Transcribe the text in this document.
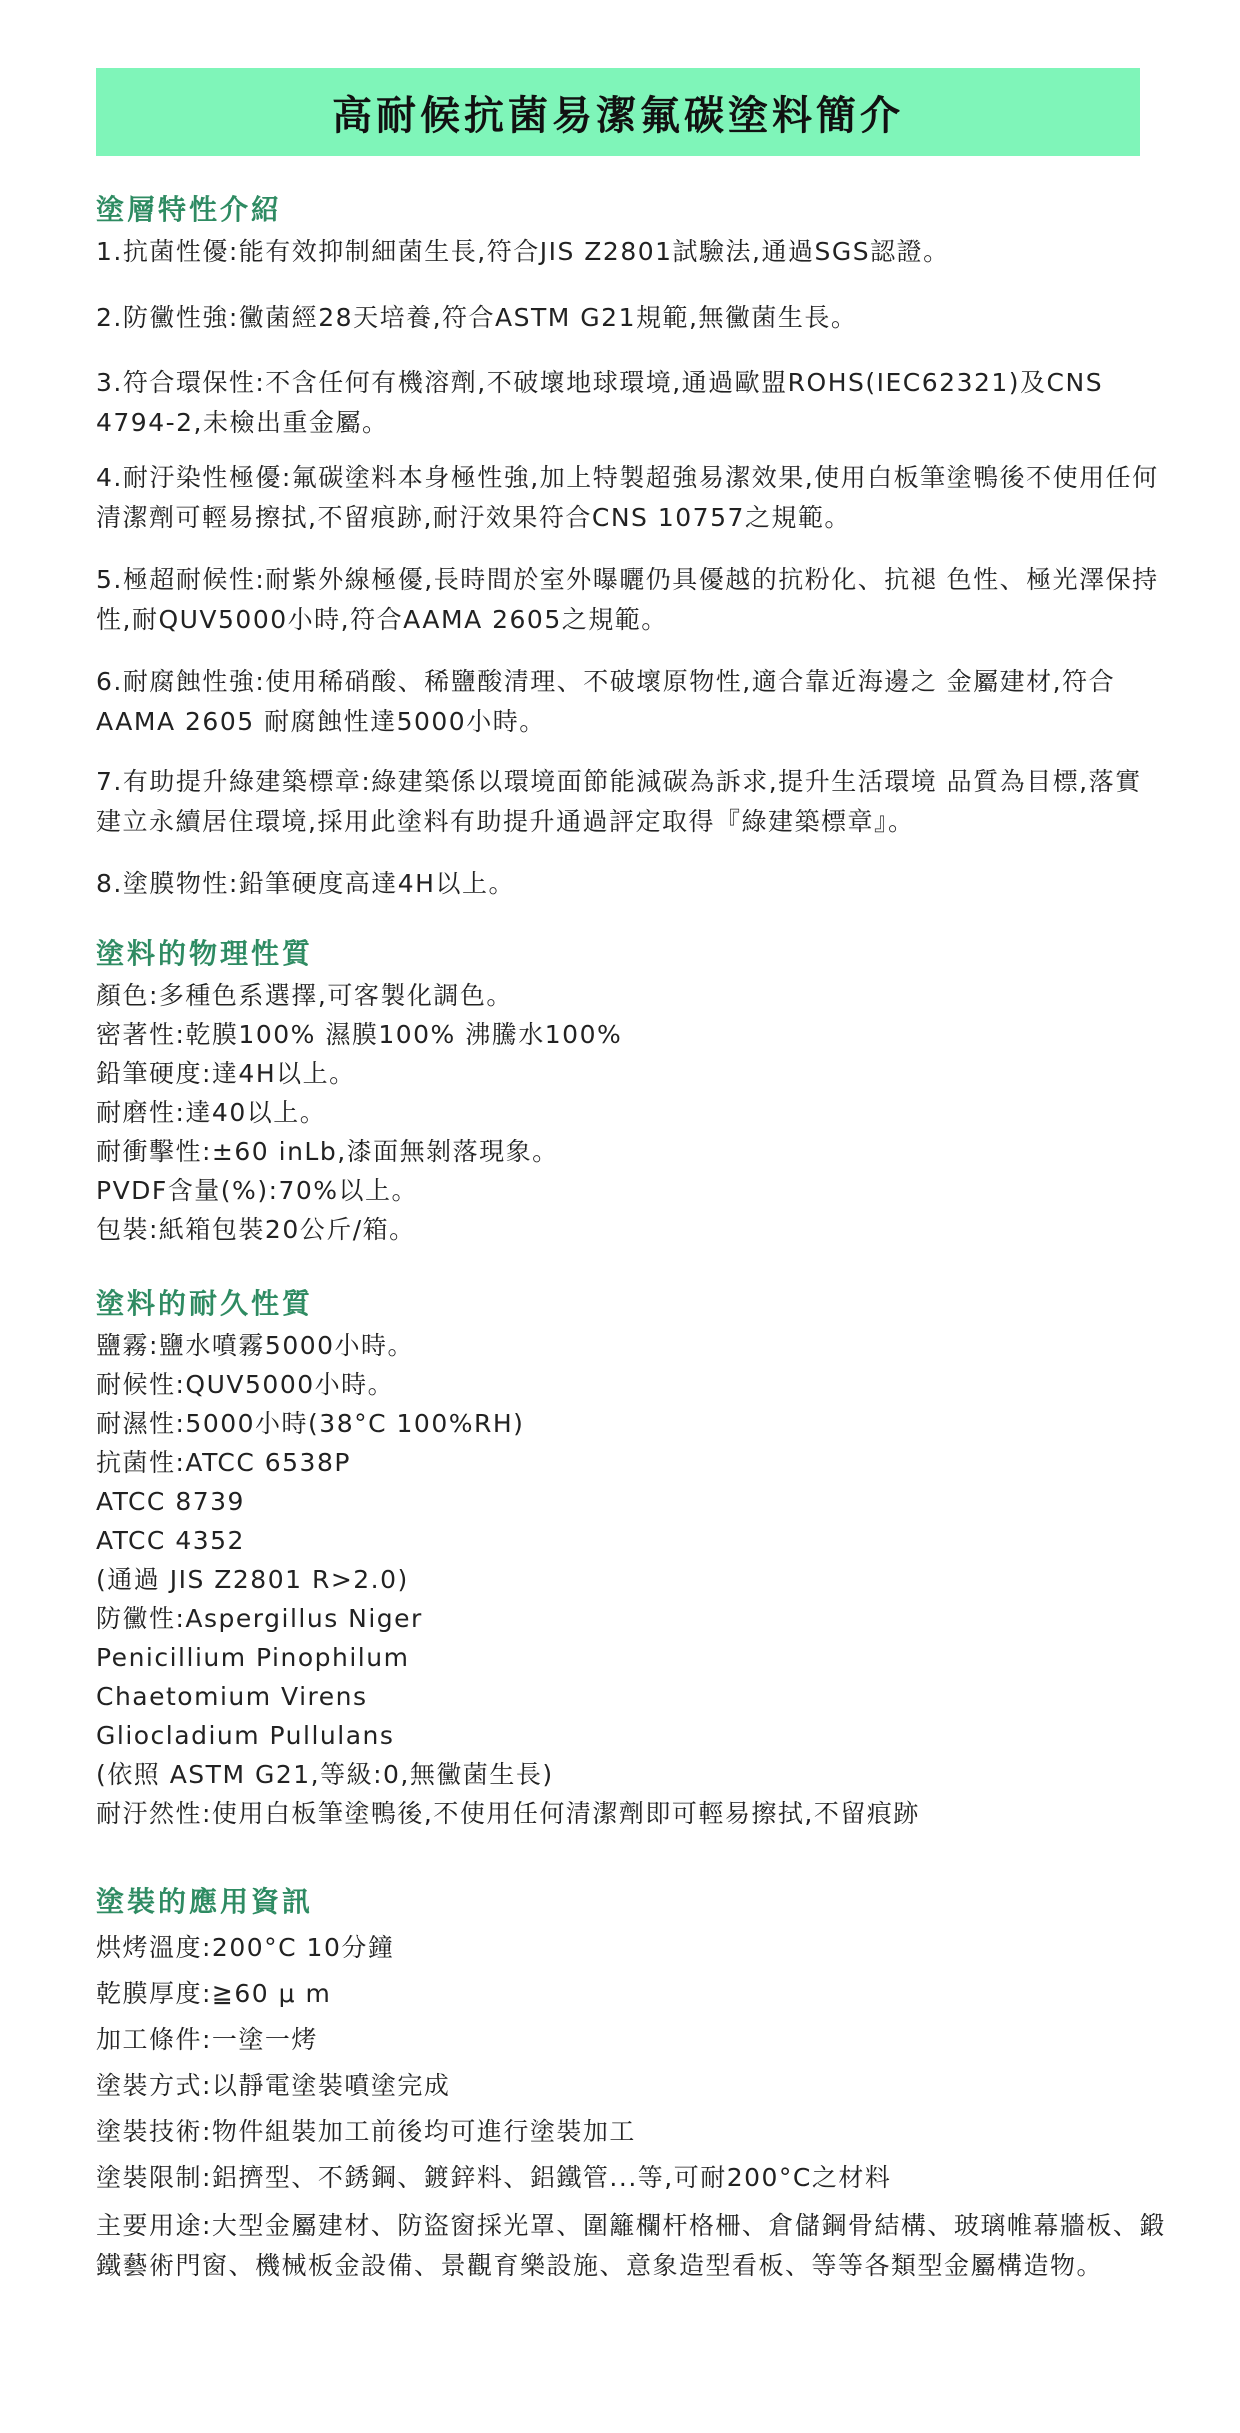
高耐候抗菌易潔氟碳塗料簡介
塗層特性介紹

1.抗菌性優:能有效抑制細菌生長,符合JIS Z2801試驗法,通過SGS認證。

2.防黴性強:黴菌經28天培養,符合ASTM G21規範,無黴菌生長。

3.符合環保性:不含任何有機溶劑,不破壞地球環境,通過歐盟ROHS(IEC62321)及CNS 4794-2,未檢出重金屬。

4.耐汙染性極優:氟碳塗料本身極性強,加上特製超強易潔效果,使用白板筆塗鴨後不使用任何清潔劑可輕易擦拭,不留痕跡,耐汙效果符合CNS 10757之規範。

5.極超耐候性:耐紫外線極優,長時間於室外曝曬仍具優越的抗粉化、抗褪 色性、極光澤保持性,耐QUV5000小時,符合AAMA 2605之規範。

6.耐腐蝕性強:使用稀硝酸、稀鹽酸清理、不破壞原物性,適合靠近海邊之 金屬建材,符合AAMA 2605 耐腐蝕性達5000小時。

7.有助提升綠建築標章:綠建築係以環境面節能減碳為訴求,提升生活環境 品質為目標,落實建立永續居住環境,採用此塗料有助提升通過評定取得『綠建築標章』。

8.塗膜物性:鉛筆硬度高達4H以上。

塗料的物理性質

顏色:多種色系選擇,可客製化調色。

密著性:乾膜100% 濕膜100% 沸騰水100%

鉛筆硬度:達4H以上。

耐磨性:達40以上。

耐衝擊性:±60 inLb,漆面無剝落現象。

PVDF含量(%):70%以上。

包裝:紙箱包裝20公斤/箱。

塗料的耐久性質

鹽霧:鹽水噴霧5000小時。

耐候性:QUV5000小時。

耐濕性:5000小時(38°C 100%RH)

抗菌性:ATCC 6538P

ATCC 8739

ATCC 4352

(通過 JIS Z2801 R>2.0)

防黴性:Aspergillus Niger

Penicillium Pinophilum

Chaetomium Virens

Gliocladium Pullulans

(依照 ASTM G21,等級:0,無黴菌生長)

耐汙然性:使用白板筆塗鴨後,不使用任何清潔劑即可輕易擦拭,不留痕跡

塗裝的應用資訊

烘烤溫度:200°C 10分鐘

乾膜厚度:≧60 μ m

加工條件:一塗一烤

塗裝方式:以靜電塗裝噴塗完成

塗裝技術:物件組裝加工前後均可進行塗裝加工

塗裝限制:鋁擠型、不銹鋼、鍍鋅料、鋁鐵管...等,可耐200°C之材料

主要用途:大型金屬建材、防盜窗採光罩、圍籬欄杆格柵、倉儲鋼骨結構、玻璃帷幕牆板、鍛鐵藝術門窗、機械板金設備、景觀育樂設施、意象造型看板、等等各類型金屬構造物。
